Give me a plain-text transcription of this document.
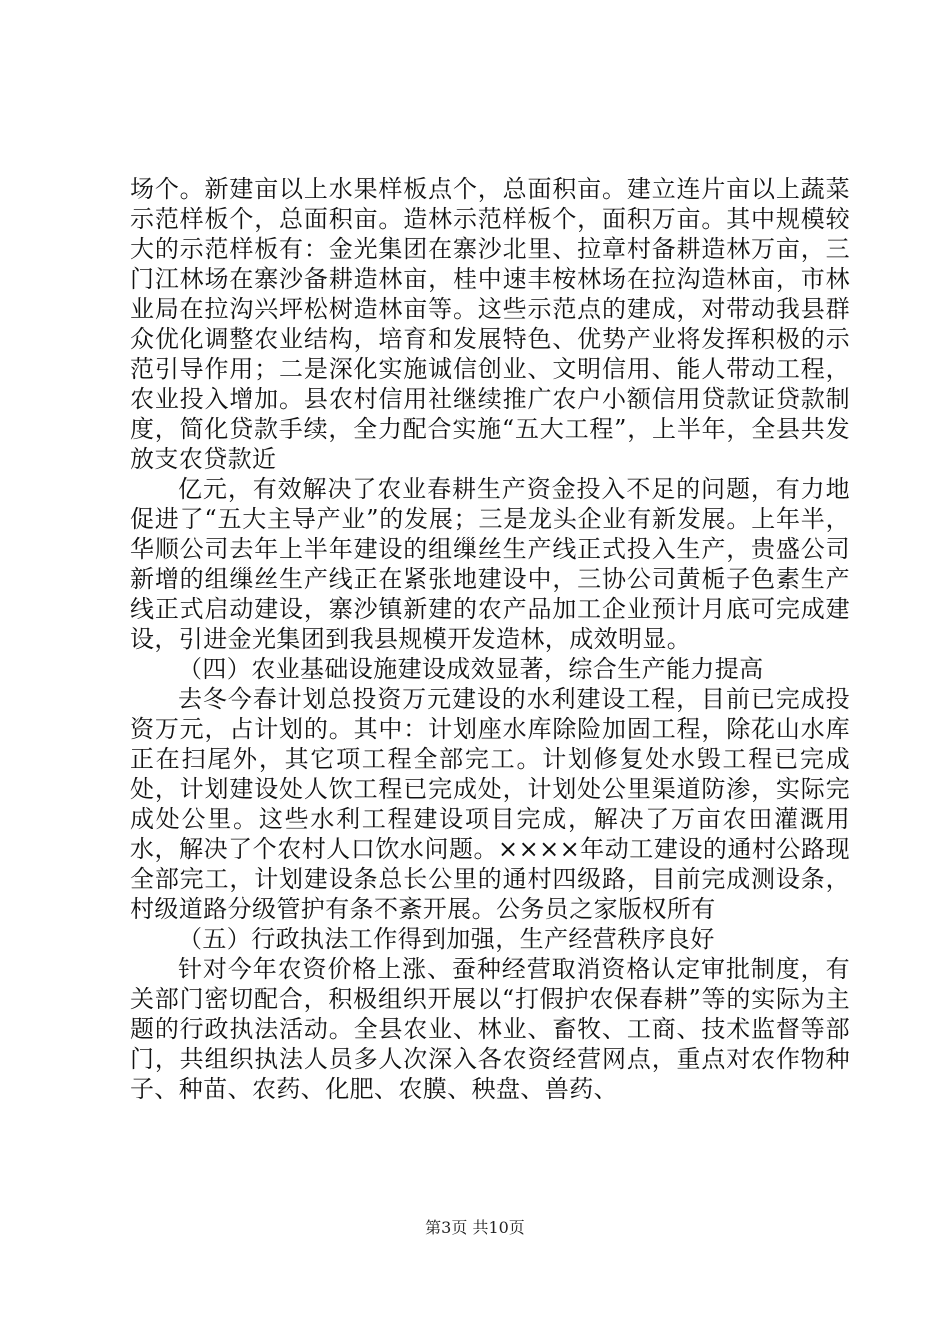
场个。新建亩以上水果样板点个，总面积亩。建立连片亩以上蔬菜示范样板个，总面积亩。造林示范样板个，面积万亩。其中规模较大的示范样板有：金光集团在寨沙北里、拉章村备耕造林万亩，三门江林场在寨沙备耕造林亩，桂中速丰桉林场在拉沟造林亩，市林业局在拉沟兴坪松树造林亩等。这些示范点的建成，对带动我县群众优化调整农业结构，培育和发展特色、优势产业将发挥积极的示范引导作用；二是深化实施诚信创业、文明信用、能人带动工程，农业投入增加。县农村信用社继续推广农户小额信用贷款证贷款制度，简化贷款手续，全力配合实施“五大工程”，上半年，全县共发放支农贷款近

亿元，有效解决了农业春耕生产资金投入不足的问题，有力地促进了“五大主导产业”的发展；三是龙头企业有新发展。上年半，华顺公司去年上半年建设的组缫丝生产线正式投入生产，贵盛公司新增的组缫丝生产线正在紧张地建设中，三协公司黄栀子色素生产线正式启动建设，寨沙镇新建的农产品加工企业预计月底可完成建设，引进金光集团到我县规模开发造林，成效明显。

（四）农业基础设施建设成效显著，综合生产能力提高

去冬今春计划总投资万元建设的水利建设工程，目前已完成投资万元，占计划的。其中：计划座水库除险加固工程，除花山水库正在扫尾外，其它项工程全部完工。计划修复处水毁工程已完成处，计划建设处人饮工程已完成处，计划处公里渠道防渗，实际完成处公里。这些水利工程建设项目完成，解决了万亩农田灌溉用水，解决了个农村人口饮水问题。××××年动工建设的通村公路现全部完工，计划建设条总长公里的通村四级路，目前完成测设条，村级道路分级管护有条不紊开展。公务员之家版权所有

（五）行政执法工作得到加强，生产经营秩序良好

针对今年农资价格上涨、蚕种经营取消资格认定审批制度，有关部门密切配合，积极组织开展以“打假护农保春耕”等的实际为主题的行政执法活动。全县农业、林业、畜牧、工商、技术监督等部门，共组织执法人员多人次深入各农资经营网点，重点对农作物种子、种苗、农药、化肥、农膜、秧盘、兽药、

第3页 共10页
